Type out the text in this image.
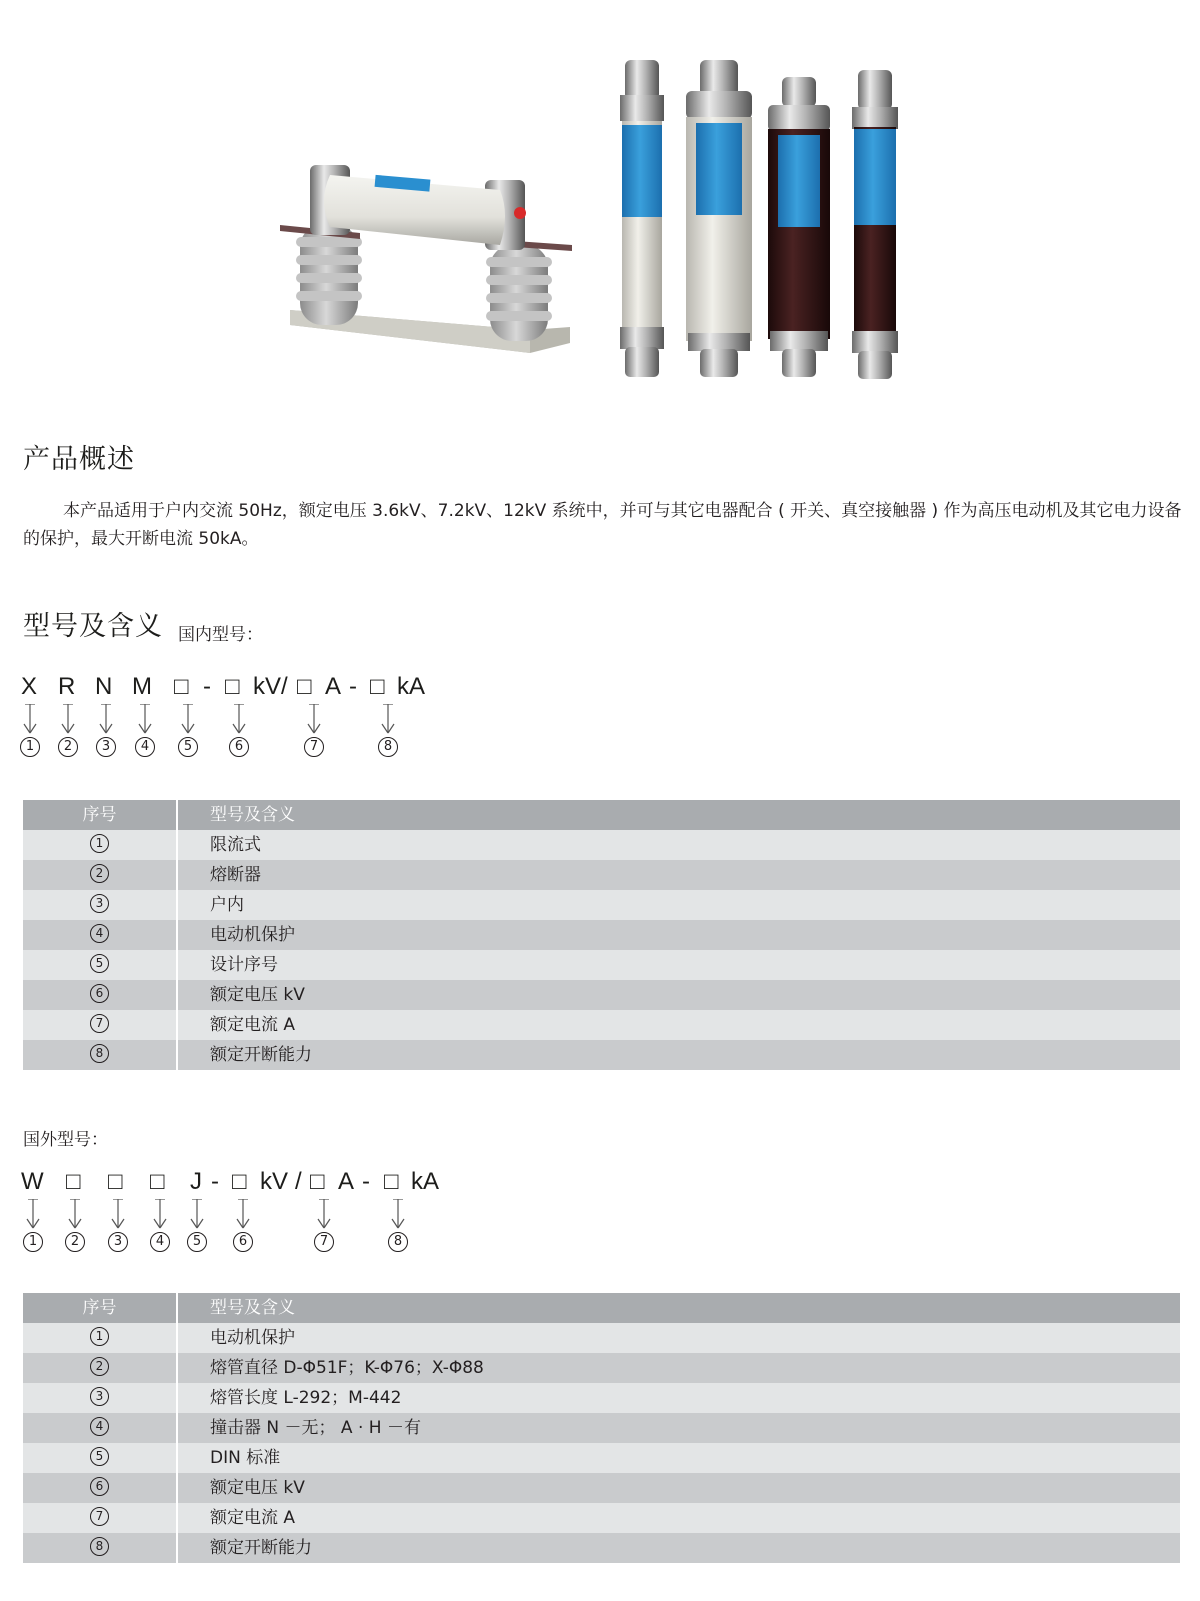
产品概述

本产品适用于户内交流 50Hz，额定电压 3.6kV、7.2kV、12kV 系统中，并可与其它电器配合 ( 开关、真空接触器 ) 作为高压电动机及其它电力设备的保护，最大开断电流 50kA。

型号及含义 国内型号：
X R N M □ - □ kV/ □ A - □ kA
1	2	3	4	5	6	7	8
序号	型号及含义
1	限流式
2	熔断器
3	户内
4	电动机保护
5	设计序号
6	额定电压 kV
7	额定电流 A
8	额定开断能力
国外型号：
W □ □ □ J - □ kV / □ A - □ kA
1	2	3	4	5	6	7	8
序号	型号及含义
1	电动机保护
2	熔管直径 D-Φ51F；K-Φ76；X-Φ88
3	熔管长度 L-292；M-442
4	撞击器 N －无； A · H －有
5	DIN 标准
6	额定电压 kV
7	额定电流 A
8	额定开断能力
